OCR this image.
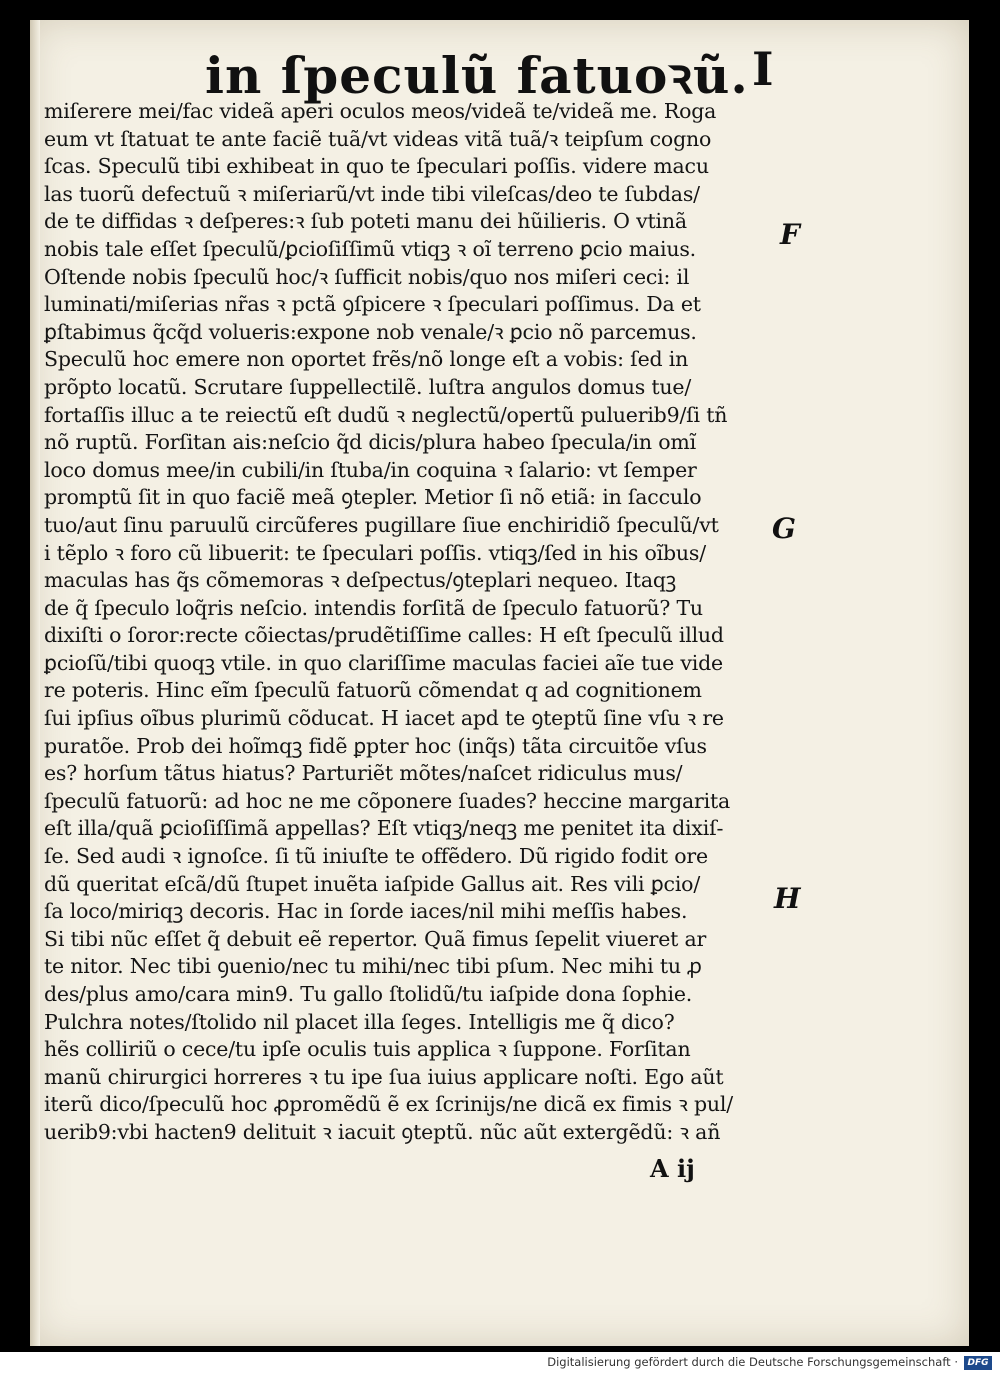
in ſpeculũ fatuoꝛũ. I
miſerere mei/fac videã aperi oculos meos/videã te/videã me. Roga
eum vt ſtatuat te ante faciẽ tuã/vt videas vitã tuã/ꝛ teipſum cogno
ſcas. Speculũ tibi exhibeat in quo te ſpeculari poſſis. videre macu
las tuorũ defectuũ ꝛ miſeriarũ/vt inde tibi vileſcas/deo te ſubdas/
de te diffidas ꝛ deſperes:ꝛ ſub poteti manu dei hũilieris. O vtinã
nobis tale eſſet ſpeculũ/ꝑcioſiſſimũ vtiqꝫ ꝛ oĩ terreno ꝑcio maius.
Oſtende nobis ſpeculũ hoc/ꝛ ſufficit nobis/quo nos miſeri ceci: il
luminati/miſerias nr̃as ꝛ pctã ꝯſpicere ꝛ ſpeculari poſſimus. Da et
ꝑſtabimus q̃cq̃d volueris:expone nob venale/ꝛ ꝑcio nõ parcemus.
Speculũ hoc emere non oportet frẽs/nõ longe eſt a vobis: ſed in
prõpto locatũ. Scrutare ſuppellectilẽ. luſtra angulos domus tue/
fortaſſis illuc a te reiectũ eſt dudũ ꝛ neglectũ/opertũ puluerib9/ſi tñ
nõ ruptũ. Forſitan ais:neſcio q̃d dicis/plura habeo ſpecula/in omĩ
loco domus mee/in cubili/in ſtuba/in coquina ꝛ ſalario: vt ſemper
promptũ ſit in quo faciẽ meã ꝯtepler. Metior ſi nõ etiã: in ſacculo
tuo/aut ſinu paruulũ circũferes pugillare ſiue enchiridiõ ſpeculũ/vt
i tẽplo ꝛ foro cũ libuerit: te ſpeculari poſſis. vtiqꝫ/ſed in his oĩbus/
maculas has q̃s cõmemoras ꝛ deſpectus/ꝯteplari nequeo. Itaqꝫ
de q̃ ſpeculo loq̃ris neſcio. intendis forſitã de ſpeculo fatuorũ? Tu
dixiſti o ſoror:recte cõiectas/prudẽtiſſime calles: H eſt ſpeculũ illud
ꝑcioſũ/tibi quoqꝫ vtile. in quo clariſſime maculas faciei aĩe tue vide
re poteris. Hinc eĩm ſpeculũ fatuorũ cõmendat q ad cognitionem
ſui ipſius oĩbus plurimũ cõducat. H iacet apd te ꝯteptũ ſine vſu ꝛ re
puratõe. Prob dei hoĩmqꝫ fidẽ ꝑpter hoc (inq̃s) tãta circuitõe vſus
es? horſum tãtus hiatus? Parturiẽt mõtes/naſcet ridiculus mus/
ſpeculũ fatuorũ: ad hoc ne me cõponere ſuades? heccine margarita
eſt illa/quã ꝑcioſiſſimã appellas? Eſt vtiqꝫ/neqꝫ me penitet ita dixiſ-
ſe. Sed audi ꝛ ignoſce. ſi tũ iniuſte te offẽdero. Dũ rigido fodit ore
dũ queritat eſcã/dũ ſtupet inuẽta iaſpide Gallus ait. Res vili ꝑcio/
ſa loco/miriqꝫ decoris. Hac in ſorde iaces/nil mihi meſſis habes.
Si tibi nũc eſſet q̃ debuit eẽ repertor. Quã fimus ſepelit viueret ar
te nitor. Nec tibi ꝯuenio/nec tu mihi/nec tibi pſum. Nec mihi tu ꝓ
des/plus amo/cara min9. Tu gallo ſtolidũ/tu iaſpide dona ſophie.
Pulchra notes/ſtolido nil placet illa ſeges. Intelligis me q̃ dico?
hẽs colliriũ o cece/tu ipſe oculis tuis applica ꝛ ſuppone. Forſitan
manũ chirurgici horreres ꝛ tu ipe ſua iuius applicare noſti. Ego aũt
iterũ dico/ſpeculũ hoc ꝓpromẽdũ ẽ ex ſcrinijs/ne dicã ex fimis ꝛ pul/
uerib9:vbi hacten9 delituit ꝛ iacuit ꝯteptũ. nũc aũt extergẽdũ: ꝛ añ
F
G
H
A ij
Digitalisierung gefördert durch die Deutsche Forschungsgemeinschaft ·	DFG
